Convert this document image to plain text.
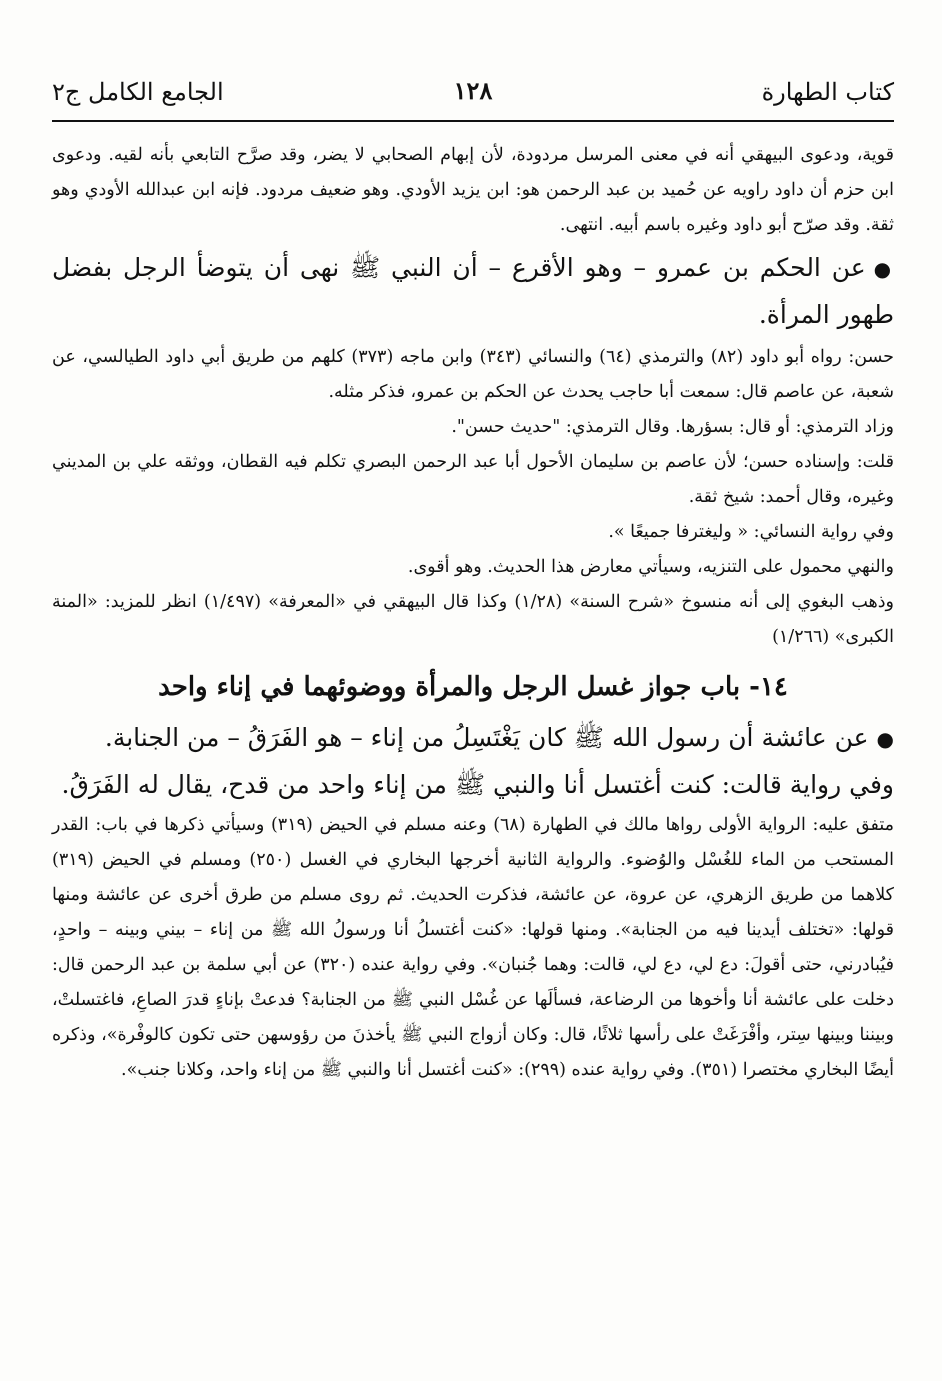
كتاب الطهارة
١٢٨
الجامع الكامل ج٢

قوية، ودعوى البيهقي أنه في معنى المرسل مردودة، لأن إبهام الصحابي لا يضر، وقد صرَّح التابعي بأنه لقيه. ودعوى ابن حزم أن داود راويه عن حُميد بن عبد الرحمن هو: ابن يزيد الأودي. وهو ضعيف مردود. فإنه ابن عبدالله الأودي وهو ثقة. وقد صرّح أبو داود وغيره باسم أبيه. انتهى.

●عن الحكم بن عمرو – وهو الأقرع – أن النبي ﷺ نهى أن يتوضأ الرجل بفضل طهور المرأة.

حسن: رواه أبو داود (٨٢) والترمذي (٦٤) والنسائي (٣٤٣) وابن ماجه (٣٧٣) كلهم من طريق أبي داود الطيالسي، عن شعبة، عن عاصم قال: سمعت أبا حاجب يحدث عن الحكم بن عمرو، فذكر مثله.

وزاد الترمذي: أو قال: بسؤرها. وقال الترمذي: "حديث حسن".

قلت: وإسناده حسن؛ لأن عاصم بن سليمان الأحول أبا عبد الرحمن البصري تكلم فيه القطان، ووثقه علي بن المديني وغيره، وقال أحمد: شيخ ثقة.

وفي رواية النسائي: « وليغترفا جميعًا ».

والنهي محمول على التنزيه، وسيأتي معارض هذا الحديث. وهو أقوى.

وذهب البغوي إلى أنه منسوخ «شرح السنة» (١/٢٨) وكذا قال البيهقي في «المعرفة» (١/٤٩٧) انظر للمزيد: «المنة الكبرى» (١/٢٦٦)

١٤- باب جواز غسل الرجل والمرأة ووضوئهما في إناء واحد

●عن عائشة أن رسول الله ﷺ كان يَغْتَسِلُ من إناء – هو الفَرَقُ – من الجنابة.

وفي رواية قالت: كنت أغتسل أنا والنبي ﷺ من إناء واحد من قدح، يقال له الفَرَقُ.

متفق عليه: الرواية الأولى رواها مالك في الطهارة (٦٨) وعنه مسلم في الحيض (٣١٩) وسيأتي ذكرها في باب: القدر المستحب من الماء للغُسْل والوُضوء. والرواية الثانية أخرجها البخاري في الغسل (٢٥٠) ومسلم في الحيض (٣١٩) كلاهما من طريق الزهري، عن عروة، عن عائشة، فذكرت الحديث. ثم روى مسلم من طرق أخرى عن عائشة ومنها قولها: «تختلف أيدينا فيه من الجنابة». ومنها قولها: «كنت أغتسلُ أنا ورسولُ الله ﷺ من إناء – بيني وبينه – واحدٍ، فيُبادرني، حتى أقولَ: دع لي، دع لي، قالت: وهما جُنبان». وفي رواية عنده (٣٢٠) عن أبي سلمة بن عبد الرحمن قال: دخلت على عائشة أنا وأخوها من الرضاعة، فسألَها عن غُسْل النبي ﷺ من الجنابة؟ فدعتْ بإناءٍ قدرَ الصاعِ، فاغتسلتْ، وبيننا وبينها سِتر، وأفْرَغَتْ على رأسها ثلاثًا، قال: وكان أزواج النبي ﷺ يأخذنَ من رؤوسهن حتى تكون كالوفْرة»، وذكره أيضًا البخاري مختصرا (٣٥١). وفي رواية عنده (٢٩٩): «كنت أغتسل أنا والنبي ﷺ من إناء واحد، وكلانا جنب».
